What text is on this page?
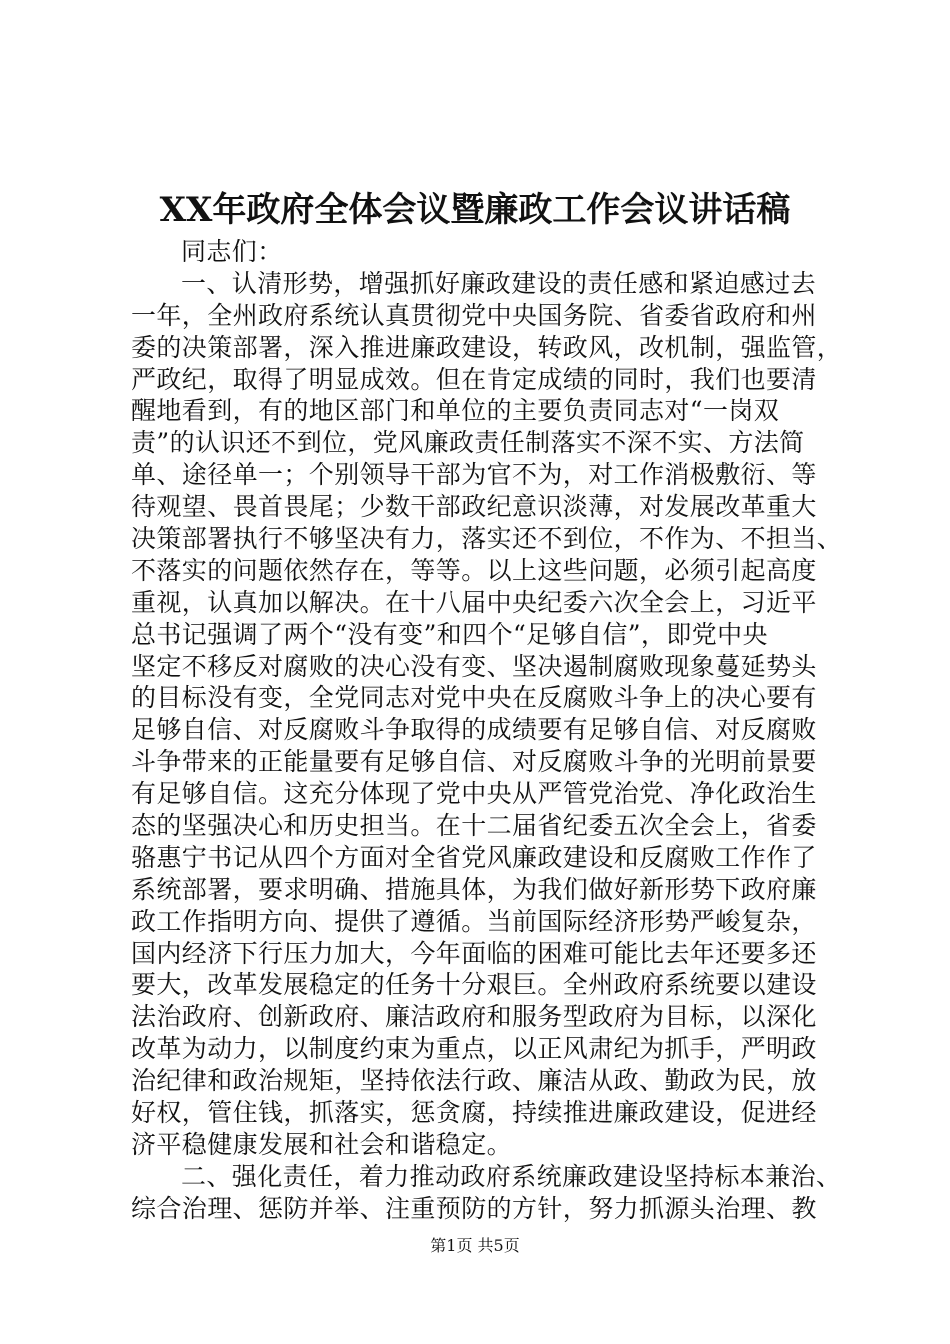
XX年政府全体会议暨廉政工作会议讲话稿
同志们：
一、认清形势，增强抓好廉政建设的责任感和紧迫感过去
一年，全州政府系统认真贯彻党中央国务院、省委省政府和州
委的决策部署，深入推进廉政建设，转政风，改机制，强监管，
严政纪，取得了明显成效。但在肯定成绩的同时，我们也要清
醒地看到，有的地区部门和单位的主要负责同志对“一岗双
责”的认识还不到位，党风廉政责任制落实不深不实、方法简
单、途径单一；个别领导干部为官不为，对工作消极敷衍、等
待观望、畏首畏尾；少数干部政纪意识淡薄，对发展改革重大
决策部署执行不够坚决有力，落实还不到位，不作为、不担当、
不落实的问题依然存在，等等。以上这些问题，必须引起高度
重视，认真加以解决。在十八届中央纪委六次全会上，习近平
总书记强调了两个“没有变”和四个“足够自信”，即党中央
坚定不移反对腐败的决心没有变、坚决遏制腐败现象蔓延势头
的目标没有变，全党同志对党中央在反腐败斗争上的决心要有
足够自信、对反腐败斗争取得的成绩要有足够自信、对反腐败
斗争带来的正能量要有足够自信、对反腐败斗争的光明前景要
有足够自信。这充分体现了党中央从严管党治党、净化政治生
态的坚强决心和历史担当。在十二届省纪委五次全会上，省委
骆惠宁书记从四个方面对全省党风廉政建设和反腐败工作作了
系统部署，要求明确、措施具体，为我们做好新形势下政府廉
政工作指明方向、提供了遵循。当前国际经济形势严峻复杂，
国内经济下行压力加大，今年面临的困难可能比去年还要多还
要大，改革发展稳定的任务十分艰巨。全州政府系统要以建设
法治政府、创新政府、廉洁政府和服务型政府为目标，以深化
改革为动力，以制度约束为重点，以正风肃纪为抓手，严明政
治纪律和政治规矩，坚持依法行政、廉洁从政、勤政为民，放
好权，管住钱，抓落实，惩贪腐，持续推进廉政建设，促进经
济平稳健康发展和社会和谐稳定。
二、强化责任，着力推动政府系统廉政建设坚持标本兼治、
综合治理、惩防并举、注重预防的方针，努力抓源头治理、教
第1页 共5页
